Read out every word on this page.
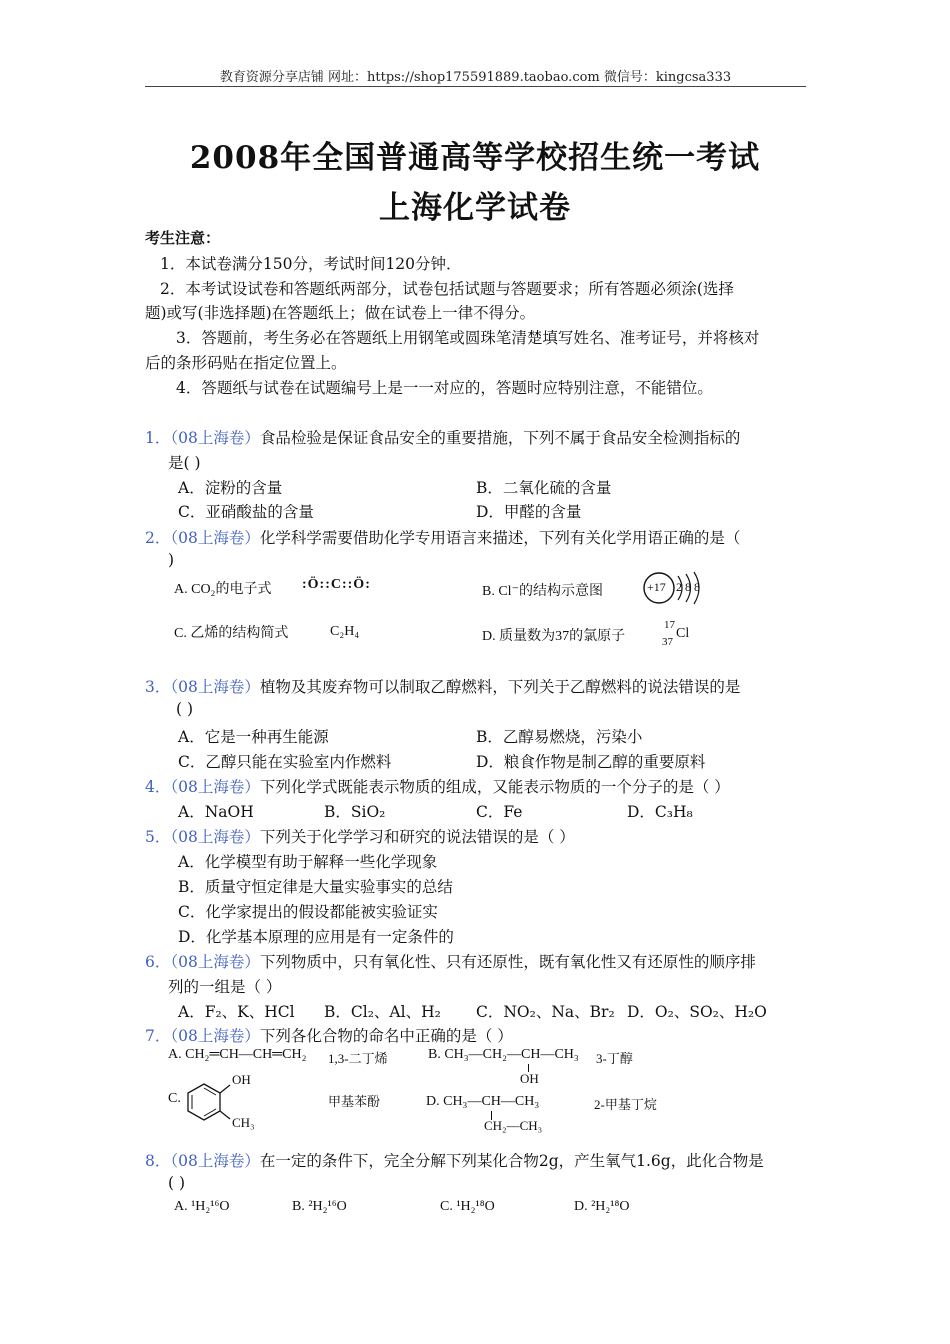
教育资源分享店铺 网址：https://shop175591889.taobao.com 微信号：kingcsa333
2008年全国普通高等学校招生统一考试
上海化学试卷
考生注意：
1．本试卷满分150分，考试时间120分钟．
2．本考试设试卷和答题纸两部分，试卷包括试题与答题要求；所有答题必须涂(选择
题)或写(非选择题)在答题纸上；做在试卷上一律不得分。
3．答题前，考生务必在答题纸上用钢笔或圆珠笔清楚填写姓名、准考证号，并将核对
后的条形码贴在指定位置上。
4．答题纸与试卷在试题编号上是一一对应的，答题时应特别注意，不能错位。
1．（08上海卷）食品检验是保证食品安全的重要措施，下列不属于食品安全检测指标的
是( )
A．淀粉的含量	B．二氧化硫的含量
C．亚硝酸盐的含量	D．甲醛的含量
2．（08上海卷）化学科学需要借助化学专用语言来描述，下列有关化学用语正确的是（
)
A. CO₂的电子式 :Ö::C::Ö:	B. Cl⁻的结构示意图	+17 2 8 8
C. 乙烯的结构简式	C₂H₄	D. 质量数为37的氯原子
17
37
Cl
3．（08上海卷）植物及其废弃物可以制取乙醇燃料，下列关于乙醇燃料的说法错误的是
( )
A．它是一种再生能源	B．乙醇易燃烧，污染小
C．乙醇只能在实验室内作燃料	D．粮食作物是制乙醇的重要原料
4．（08上海卷）下列化学式既能表示物质的组成，又能表示物质的一个分子的是（ ）
A．NaOH	B．SiO₂	C．Fe	D．C₃H₈
5．（08上海卷）下列关于化学学习和研究的说法错误的是（ ）
A．化学模型有助于解释一些化学现象
B．质量守恒定律是大量实验事实的总结
C．化学家提出的假设都能被实验证实
D．化学基本原理的应用是有一定条件的
6．（08上海卷）下列物质中，只有氧化性、只有还原性，既有氧化性又有还原性的顺序排
列的一组是（ ）
A．F₂、K、HCl B．Cl₂、Al、H₂ C．NO₂、Na、Br₂ D．O₂、SO₂、H₂O
7．（08上海卷）下列各化合物的命名中正确的是（ ）
A. CH₂═CH—CH═CH₂ 1,3-二丁烯	B. CH₃—CH₂—CH—CH₃
OH
3-丁醇
C.
OH
CH₃
甲基苯酚	D. CH₃—CH—CH₃
CH₂—CH₃
2-甲基丁烷
8．（08上海卷）在一定的条件下，完全分解下列某化合物2g，产生氧气1.6g，此化合物是
( )
A. ¹H₂¹⁶O	B. ²H₂¹⁶O	C. ¹H₂¹⁸O	D. ²H₂¹⁸O
